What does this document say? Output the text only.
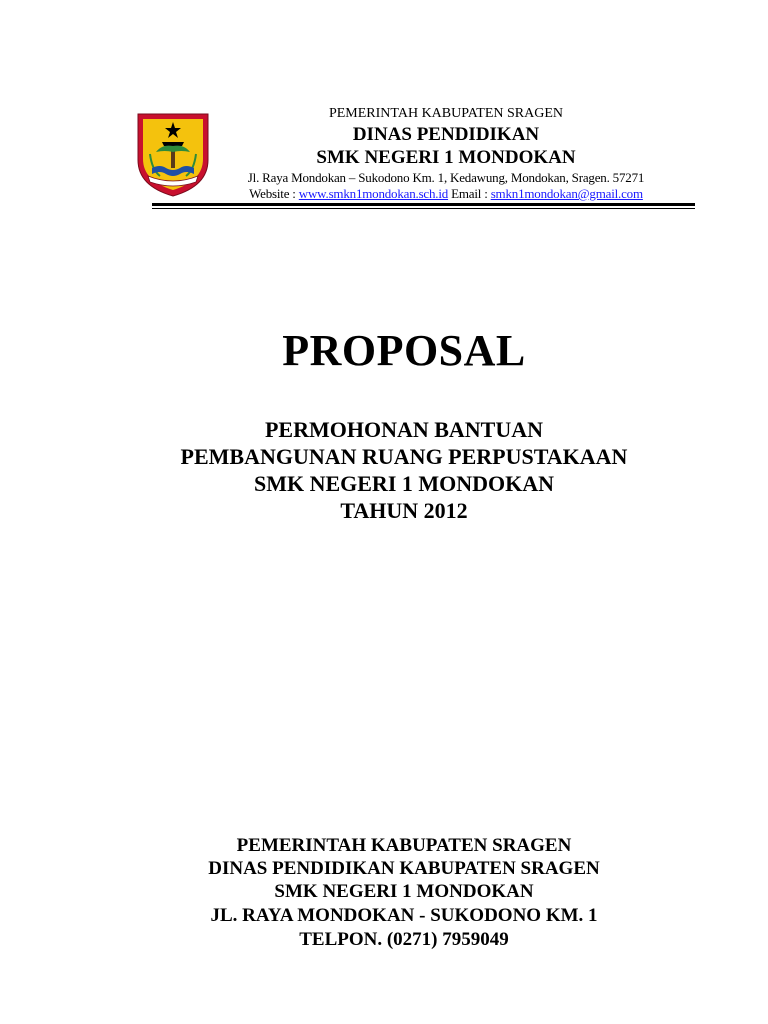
PEMERINTAH KABUPATEN SRAGEN
DINAS PENDIDIKAN
SMK NEGERI 1 MONDOKAN
Jl. Raya Mondokan – Sukodono Km. 1, Kedawung, Mondokan, Sragen. 57271
Website : www.smkn1mondokan.sch.id Email : smkn1mondokan@gmail.com
PROPOSAL
PERMOHONAN BANTUAN
PEMBANGUNAN RUANG PERPUSTAKAAN
SMK NEGERI 1 MONDOKAN
TAHUN 2012
PEMERINTAH KABUPATEN SRAGEN
DINAS PENDIDIKAN KABUPATEN SRAGEN
SMK NEGERI 1 MONDOKAN
JL. RAYA MONDOKAN - SUKODONO KM. 1
TELPON. (0271) 7959049
